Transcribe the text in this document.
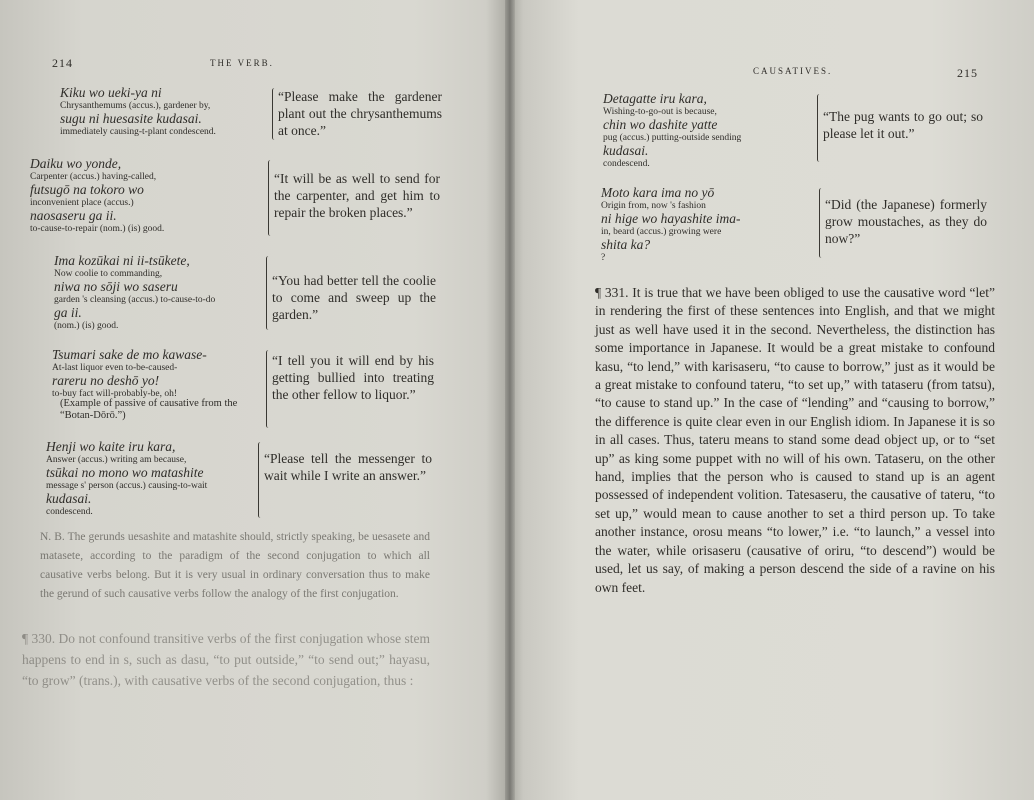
214	THE VERB.
Kiku wo ueki-ya ni
Chrysanthemums (accus.), gardener by,
sugu ni huesasite kudasai.
immediately causing-t-plant condescend.
“Please make the gardener plant out the chrysanthemums at once.”
Daiku wo yonde,
Carpenter (accus.) having-called,
futsugō na tokoro wo
inconvenient place (accus.)
naosaseru ga ii.
to-cause-to-repair (nom.) (is) good.
“It will be as well to send for the carpenter, and get him to repair the broken places.”
Ima kozūkai ni ii-tsūkete,
Now coolie to commanding,
niwa no sōji wo saseru
garden 's cleansing (accus.) to-cause-to-do
ga ii.
(nom.) (is) good.
“You had better tell the coolie to come and sweep up the garden.”
Tsumari sake de mo kawase-
At-last liquor even to-be-caused-
rareru no deshō yo!
to-buy fact will-probably-be, oh!
(Example of passive of causative from the “Botan-Dōrō.”)
“I tell you it will end by his getting bullied into treating the other fellow to liquor.”
Henji wo kaite iru kara,
Answer (accus.) writing am because,
tsūkai no mono wo matashite
message s' person (accus.) causing-to-wait
kudasai.
condescend.
“Please tell the messenger to wait while I write an answer.”
N. B. The gerunds uesashite and matashite should, strictly speaking, be uesasete and matasete, according to the paradigm of the second conjugation to which all causative verbs belong. But it is very usual in ordinary conversation thus to make the gerund of such causative verbs follow the analogy of the first conjugation.
¶ 330. Do not confound transitive verbs of the first conjugation whose stem happens to end in s, such as dasu, “to put outside,” “to send out;” hayasu, “to grow” (trans.), with causative verbs of the second conjugation, thus :
CAUSATIVES.	215
Detagatte iru kara,
Wishing-to-go-out is because,
chin wo dashite yatte
pug (accus.) putting-outside sending
kudasai.
condescend.
“The pug wants to go out; so please let it out.”
Moto kara ima no yō
Origin from, now 's fashion
ni hige wo hayashite ima-
in, beard (accus.) growing were
shita ka?
?
“Did (the Japanese) formerly grow moustaches, as they do now?”
¶ 331. It is true that we have been obliged to use the causative word “let” in rendering the first of these sentences into English, and that we might just as well have used it in the second. Nevertheless, the distinction has some importance in Japanese. It would be a great mistake to confound kasu, “to lend,” with karisaseru, “to cause to borrow,” just as it would be a great mistake to confound tateru, “to set up,” with tataseru (from tatsu), “to cause to stand up.” In the case of “lending” and “causing to borrow,” the difference is quite clear even in our English idiom. In Japanese it is so in all cases. Thus, tateru means to stand some dead object up, or to “set up” as king some puppet with no will of his own. Tataseru, on the other hand, implies that the person who is caused to stand up is an agent possessed of independent volition. Tatesaseru, the causative of tateru, “to set up,” would mean to cause another to set a third person up. To take another instance, orosu means “to lower,” i.e. “to launch,” a vessel into the water, while orisaseru (causative of oriru, “to descend”) would be used, let us say, of making a person descend the side of a ravine on his own feet.
